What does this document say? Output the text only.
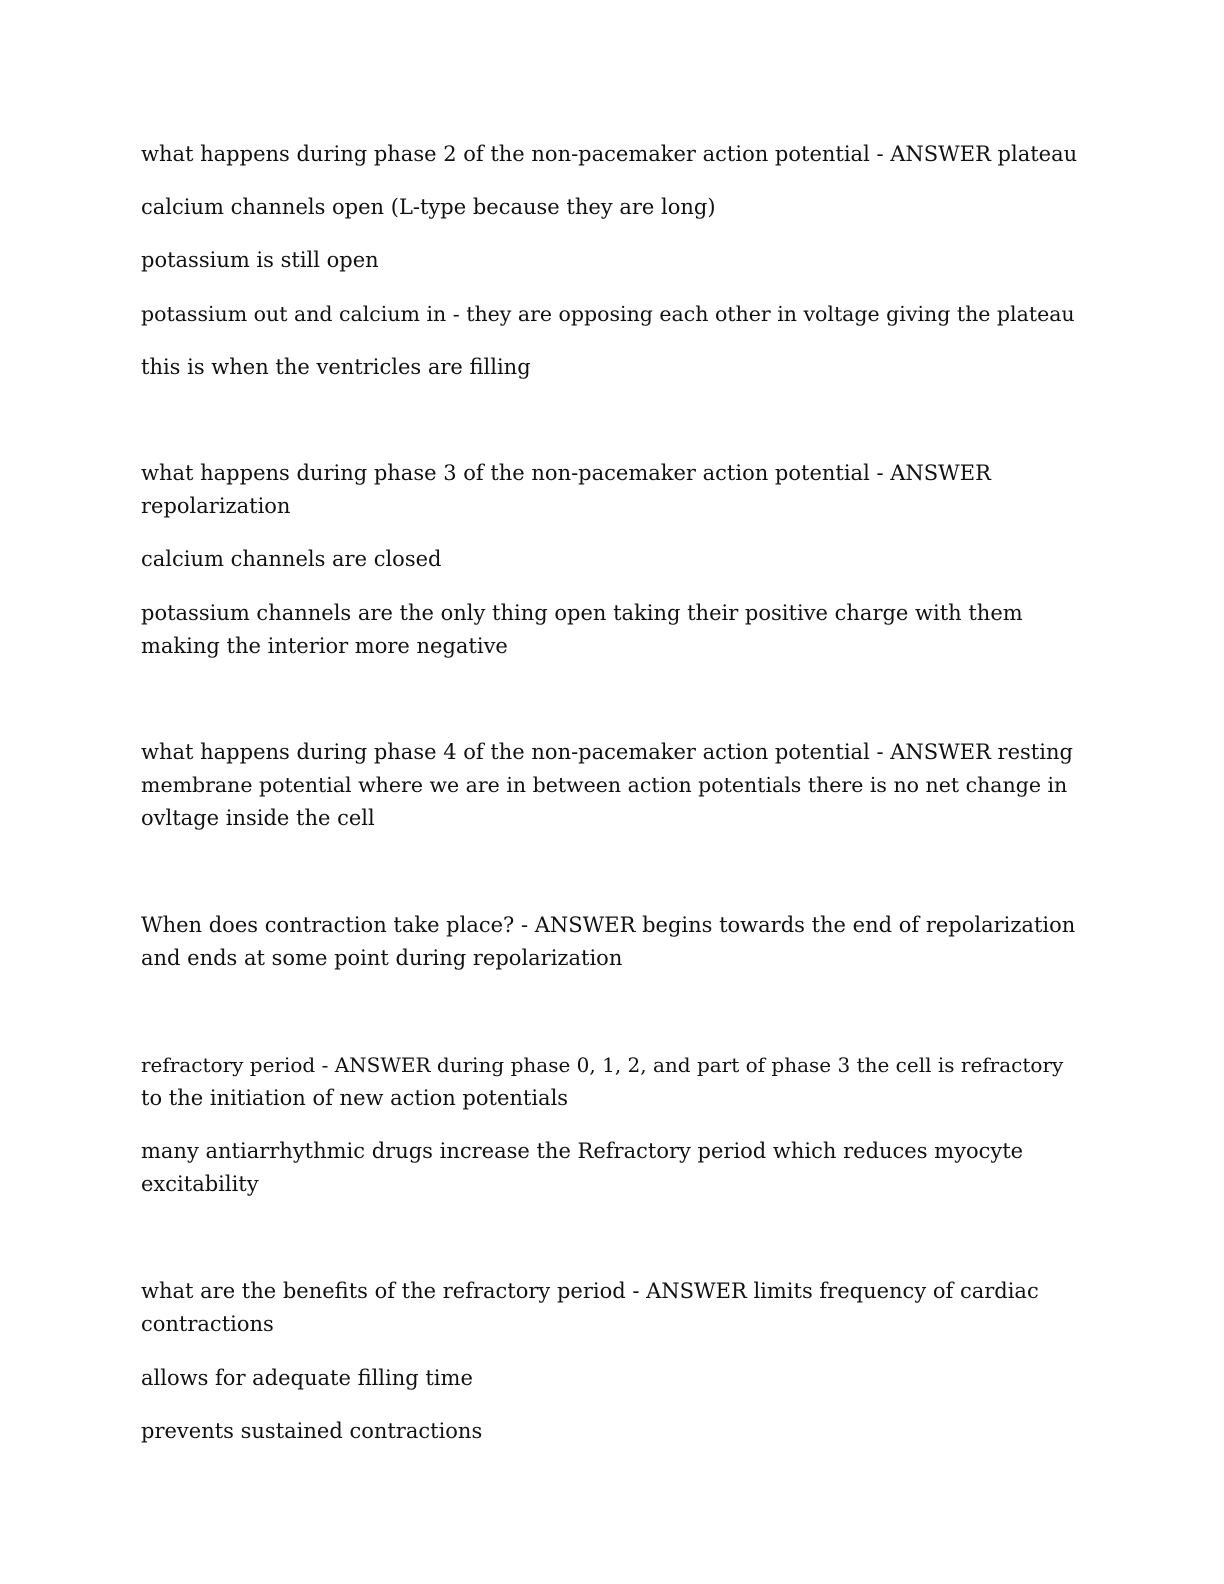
what happens during phase 2 of the non-pacemaker action potential - ANSWER plateau

calcium channels open (L-type because they are long)

potassium is still open

potassium out and calcium in - they are opposing each other in voltage giving the plateau

this is when the ventricles are filling

what happens during phase 3 of the non-pacemaker action potential - ANSWER

repolarization

calcium channels are closed

potassium channels are the only thing open taking their positive charge with them

making the interior more negative

what happens during phase 4 of the non-pacemaker action potential - ANSWER resting

membrane potential where we are in between action potentials there is no net change in

ovltage inside the cell

When does contraction take place? - ANSWER begins towards the end of repolarization

and ends at some point during repolarization

refractory period - ANSWER during phase 0, 1, 2, and part of phase 3 the cell is refractory

to the initiation of new action potentials

many antiarrhythmic drugs increase the Refractory period which reduces myocyte

excitability

what are the benefits of the refractory period - ANSWER limits frequency of cardiac

contractions

allows for adequate filling time

prevents sustained contractions
